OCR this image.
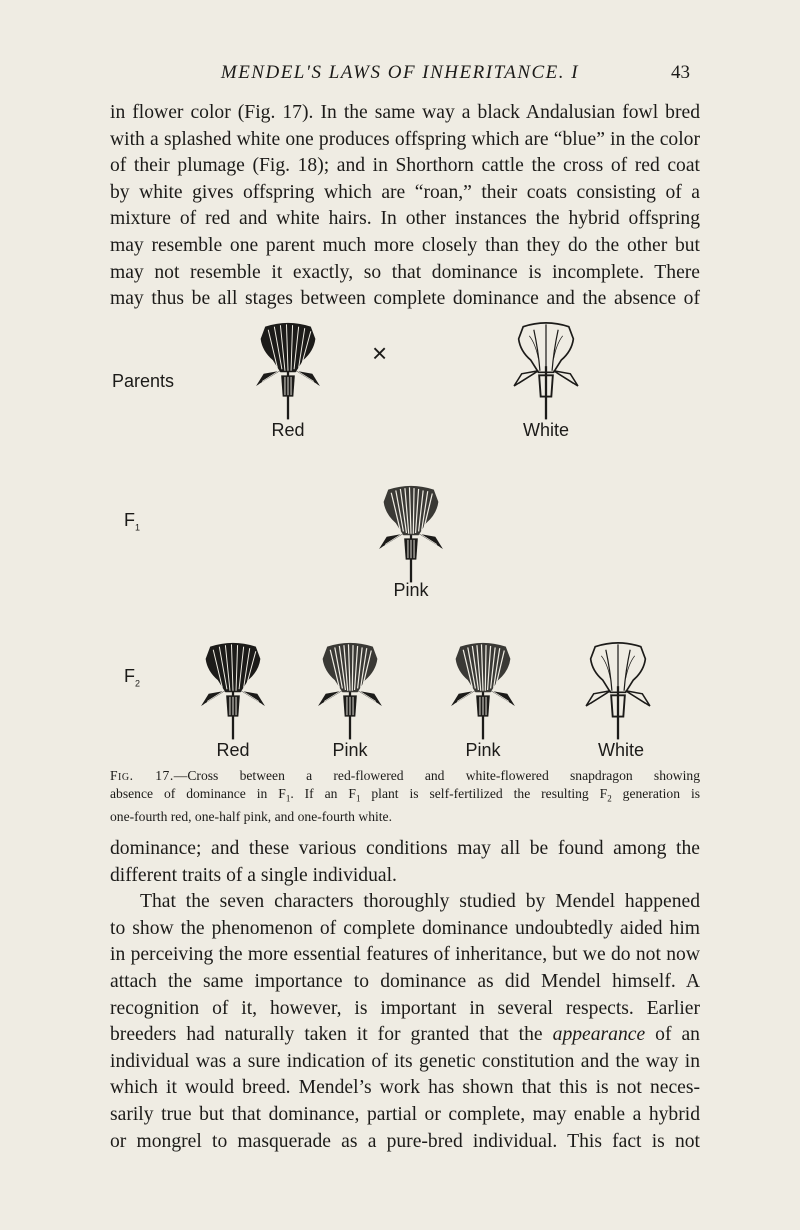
MENDEL'S LAWS OF INHERITANCE. I	43

in flower color (Fig. 17). In the same way a black Andalusian fowl bred
with a splashed white one produces offspring which are “blue” in the color
of their plumage (Fig. 18); and in Shorthorn cattle the cross of red coat
by white gives offspring which are “roan,” their coats consisting of a
mixture of red and white hairs. In other instances the hybrid offspring
may resemble one parent much more closely than they do the other but
may not resemble it exactly, so that dominance is incomplete. There
may thus be all stages between complete dominance and the absence of

Parents
$F_1$
$F_2$
Red
×
White
Pink
Red	Pink	Pink	White

Fig. 17.—Cross between a red-flowered and white-flowered snapdragon showing
absence of dominance in $F_1$. If an $F_1$ plant is self-fertilized the resulting $F_2$ generation is
one-fourth red, one-half pink, and one-fourth white.

dominance; and these various conditions may all be found among the
different traits of a single individual.
That the seven characters thoroughly studied by Mendel happened
to show the phenomenon of complete dominance undoubtedly aided him
in perceiving the more essential features of inheritance, but we do not now
attach the same importance to dominance as did Mendel himself. A
recognition of it, however, is important in several respects. Earlier
breeders had naturally taken it for granted that the appearance of an
individual was a sure indication of its genetic constitution and the way in
which it would breed. Mendel’s work has shown that this is not neces-
sarily true but that dominance, partial or complete, may enable a hybrid
or mongrel to masquerade as a pure-bred individual. This fact is not
